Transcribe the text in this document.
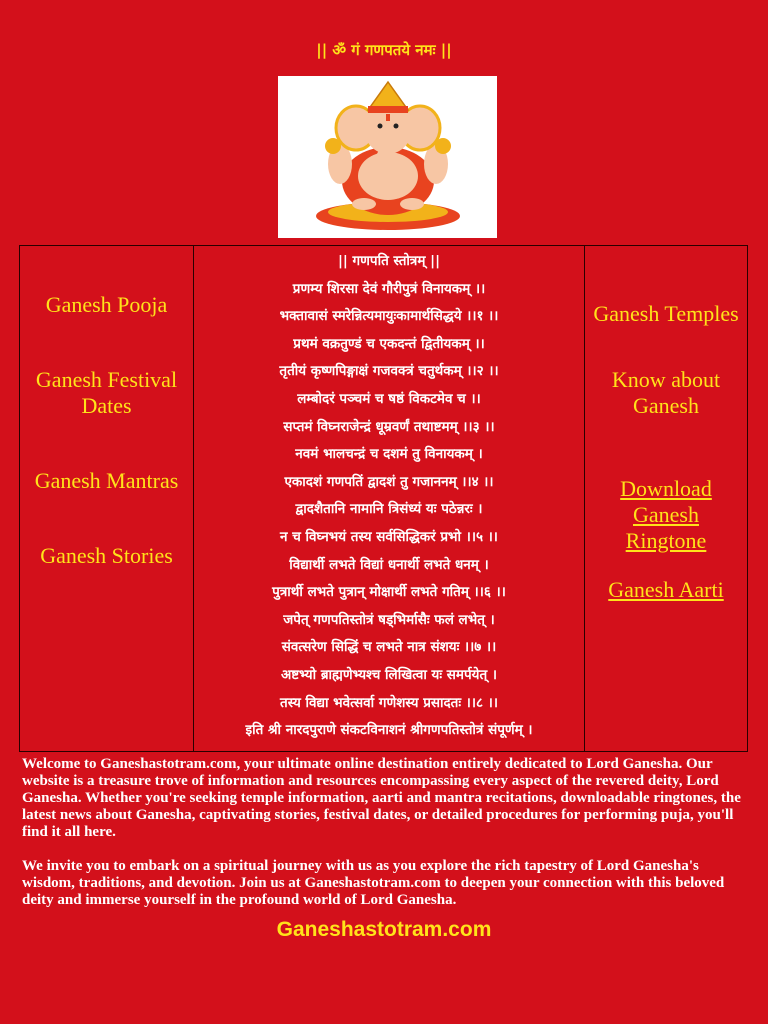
|| ॐ गं गणपतये नमः ||
Ganesh Pooja
Ganesh Festival Dates
Ganesh Mantras
Ganesh Stories
|| गणपति स्तोत्रम् ||
प्रणम्य शिरसा देवं गौरीपुत्रं विनायकम् ।।
भक्तावासं स्मरेन्नित्यमायुःकामार्थसिद्धये ।।१ ।।
प्रथमं वक्रतुण्डं च एकदन्तं द्वितीयकम् ।।
तृतीयं कृष्णपिङ्गाक्षं गजवक्त्रं चतुर्थकम् ।।२ ।।
लम्बोदरं पञ्चमं च षष्ठं विकटमेव च ।।
सप्तमं विघ्नराजेन्द्रं धूम्रवर्णं तथाष्टमम् ।।३ ।।
नवमं भालचन्द्रं च दशमं तु विनायकम् ।
एकादशं गणपतिं द्वादशं तु गजाननम् ।।४ ।।
द्वादशैतानि नामानि त्रिसंध्यं यः पठेन्नरः ।
न च विघ्नभयं तस्य सर्वसिद्धिकरं प्रभो ।।५ ।।
विद्यार्थी लभते विद्यां धनार्थी लभते धनम् ।
पुत्रार्थी लभते पुत्रान् मोक्षार्थी लभते गतिम् ।।६ ।।
जपेत् गणपतिस्तोत्रं षड्भिर्मासैः फलं लभेत् ।
संवत्सरेण सिद्धिं च लभते नात्र संशयः ।।७ ।।
अष्टभ्यो ब्राह्मणेभ्यश्च लिखित्वा यः समर्पयेत् ।
तस्य विद्या भवेत्सर्वा गणेशस्य प्रसादतः ।।८ ।।
इति श्री नारदपुराणे संकटविनाशनं श्रीगणपतिस्तोत्रं संपूर्णम् ।
Ganesh Temples
Know about Ganesh
Download Ganesh Ringtone
Ganesh Aarti

Welcome to Ganeshastotram.com, your ultimate online destination entirely dedicated to Lord Ganesha. Our website is a treasure trove of information and resources encompassing every aspect of the revered deity, Lord Ganesha. Whether you're seeking temple information, aarti and mantra recitations, downloadable ringtones, the latest news about Ganesha, captivating stories, festival dates, or detailed procedures for performing puja, you'll find it all here.

We invite you to embark on a spiritual journey with us as you explore the rich tapestry of Lord Ganesha's wisdom, traditions, and devotion. Join us at Ganeshastotram.com to deepen your connection with this beloved deity and immerse yourself in the profound world of Lord Ganesha.

Ganeshastotram.com
